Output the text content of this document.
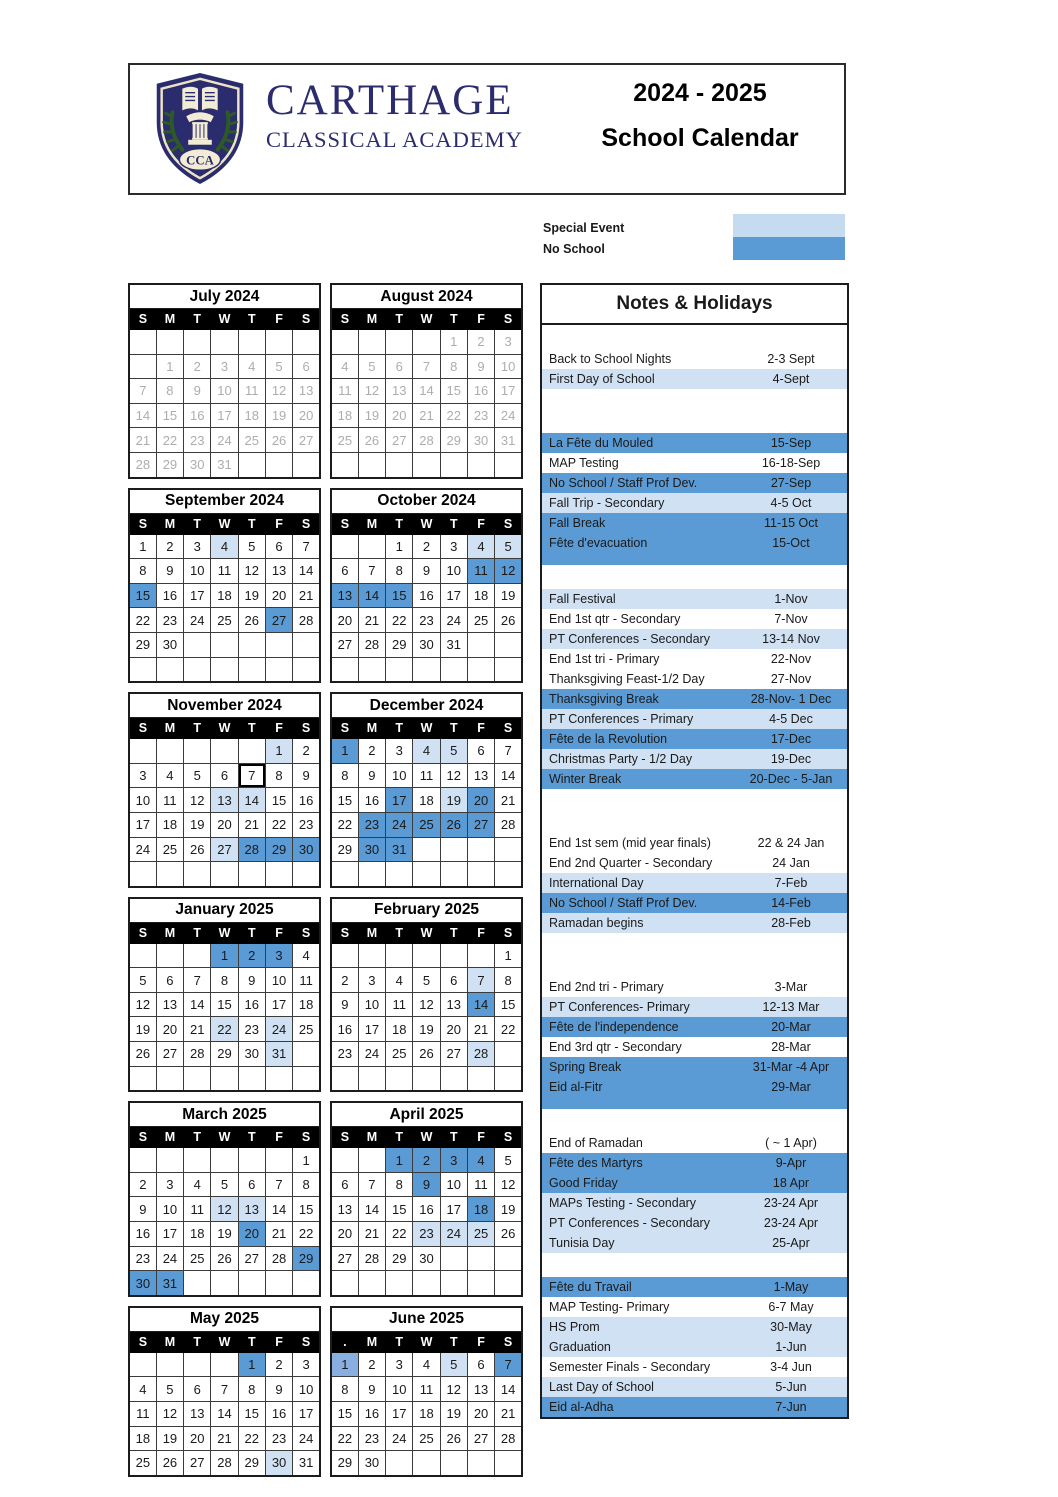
CCA
CARTHAGE
CLASSICAL ACADEMY
2024 - 2025
School Calendar
Special Event
No School
July 2024						
S	M	T	W	T	F	S

	1	2	3	4	5	6
7	8	9	10	11	12	13
14	15	16	17	18	19	20
21	22	23	24	25	26	27
28	29	30	31			
August 2024						
S	M	T	W	T	F	S
				1	2	3
4	5	6	7	8	9	10
11	12	13	14	15	16	17
18	19	20	21	22	23	24
25	26	27	28	29	30	31

September 2024						
S	M	T	W	T	F	S
1	2	3	4	5	6	7
8	9	10	11	12	13	14
15	16	17	18	19	20	21
22	23	24	25	26	27	28
29	30					

October 2024						
S	M	T	W	T	F	S
		1	2	3	4	5
6	7	8	9	10	11	12
13	14	15	16	17	18	19
20	21	22	23	24	25	26
27	28	29	30	31		

November 2024						
S	M	T	W	T	F	S
					1	2
3	4	5	6	7	8	9
10	11	12	13	14	15	16
17	18	19	20	21	22	23
24	25	26	27	28	29	30

December 2024						
S	M	T	W	T	F	S
1	2	3	4	5	6	7
8	9	10	11	12	13	14
15	16	17	18	19	20	21
22	23	24	25	26	27	28
29	30	31				

January 2025						
S	M	T	W	T	F	S
			1	2	3	4
5	6	7	8	9	10	11
12	13	14	15	16	17	18
19	20	21	22	23	24	25
26	27	28	29	30	31	

February 2025						
S	M	T	W	T	F	S
						1
2	3	4	5	6	7	8
9	10	11	12	13	14	15
16	17	18	19	20	21	22
23	24	25	26	27	28	

March 2025						
S	M	T	W	T	F	S
						1
2	3	4	5	6	7	8
9	10	11	12	13	14	15
16	17	18	19	20	21	22
23	24	25	26	27	28	29
30	31					
April 2025						
S	M	T	W	T	F	S
		1	2	3	4	5
6	7	8	9	10	11	12
13	14	15	16	17	18	19
20	21	22	23	24	25	26
27	28	29	30			

May 2025						
S	M	T	W	T	F	S
				1	2	3
4	5	6	7	8	9	10
11	12	13	14	15	16	17
18	19	20	21	22	23	24
25	26	27	28	29	30	31
June 2025						
.	M	T	W	T	F	S
1	2	3	4	5	6	7
8	9	10	11	12	13	14
15	16	17	18	19	20	21
22	23	24	25	26	27	28
29	30					
Notes & Holidays
Back to School Nights	2-3 Sept
First Day of School	4-Sept
La Fête du Mouled	15-Sep
MAP Testing	16-18-Sep
No School / Staff Prof Dev.	27-Sep
Fall Trip - Secondary	4-5 Oct
Fall Break	11-15 Oct
Fête d'evacuation	15-Oct
Fall Festival	1-Nov
End 1st qtr - Secondary	7-Nov
PT Conferences - Secondary	13-14 Nov
End 1st tri - Primary	22-Nov
Thanksgiving Feast-1/2 Day	27-Nov
Thanksgiving Break	28-Nov- 1 Dec
PT Conferences - Primary	4-5 Dec
Fête de la Revolution	17-Dec
Christmas Party - 1/2 Day	19-Dec
Winter Break	20-Dec - 5-Jan
End 1st sem (mid year finals)	22 & 24 Jan
End 2nd Quarter - Secondary	24 Jan
International Day	7-Feb
No School / Staff Prof Dev.	14-Feb
Ramadan begins	28-Feb
End 2nd tri - Primary	3-Mar
PT Conferences- Primary	12-13 Mar
Fête de l'independence	20-Mar
End 3rd qtr - Secondary	28-Mar
Spring Break	31-Mar -4 Apr
Eid al-Fitr	29-Mar
End of Ramadan	( ~ 1 Apr)
Fête des Martyrs	9-Apr
Good Friday	18 Apr
MAPs Testing - Secondary	23-24 Apr
PT Conferences - Secondary	23-24 Apr
Tunisia Day	25-Apr
Fête du Travail	1-May
MAP Testing- Primary	6-7 May
HS Prom	30-May
Graduation	1-Jun
Semester Finals - Secondary	3-4 Jun
Last Day of School	5-Jun
Eid al-Adha	7-Jun
